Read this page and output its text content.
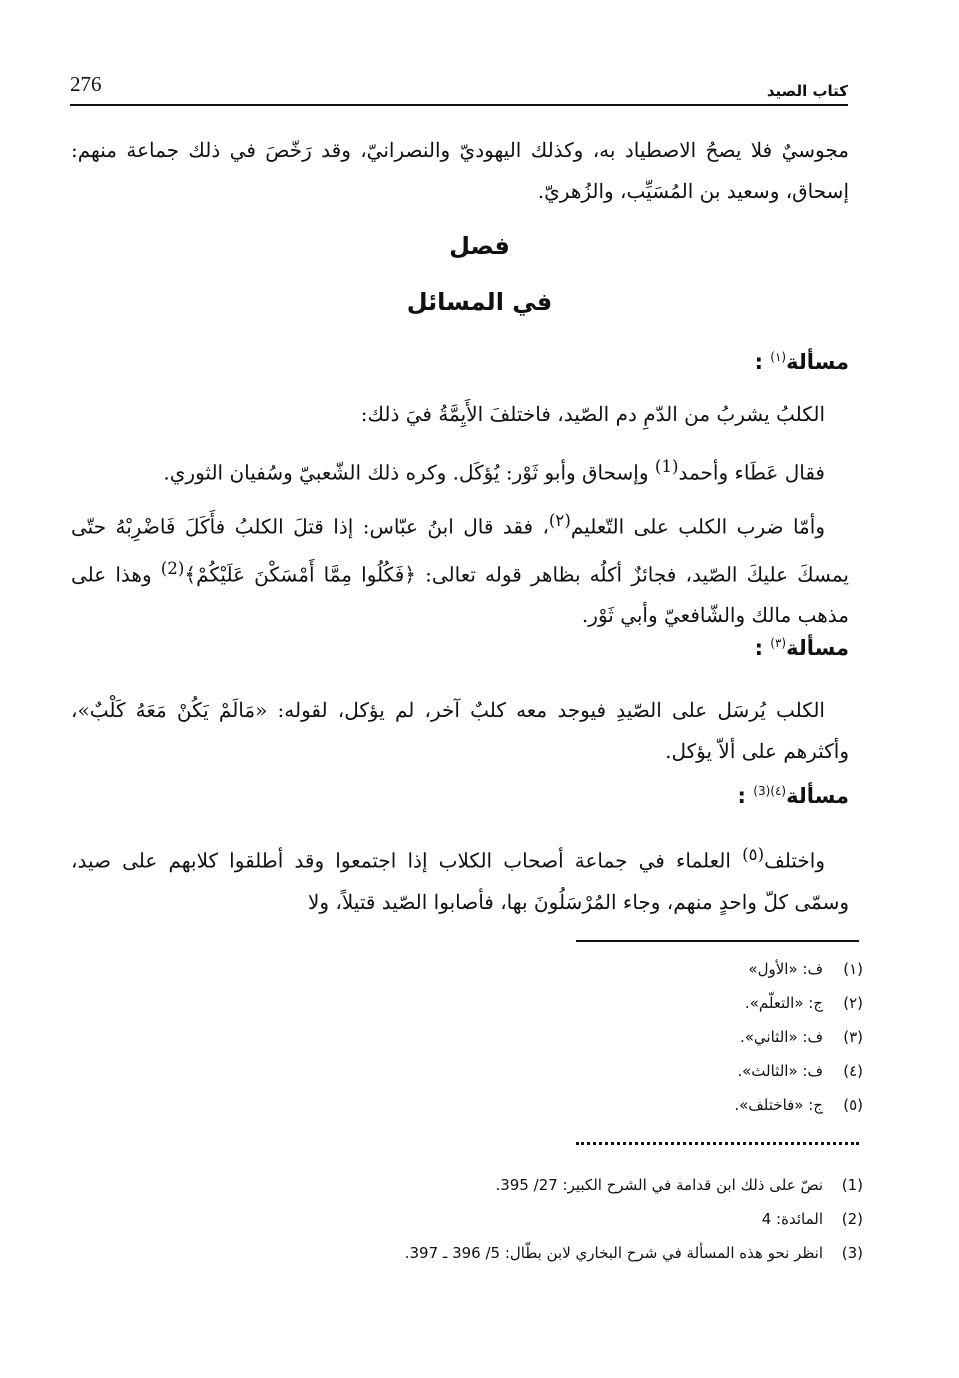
276	كتاب الصيد
مجوسيٌ فلا يصحُ الاصطياد به، وكذلك اليهوديّ والنصرانيّ، وقد رَخّصَ في ذلك جماعة منهم: إسحاق، وسعيد بن المُسَيِّب، والزُهريّ.
فصل
في المسائل
مسألة$^{(١)}$ :
الكلبُ يشربُ من الدّمِ دم الصّيد، فاختلفَ الأَيِمَّةُ فيَ ذلك:
فقال عَطَاء وأحمد$^{(1)}$ وإسحاق وأبو ثَوْر: يُؤكَل. وكره ذلك الشّعبيّ وسُفيان الثوري.
وأمّا ضرب الكلب على التّعليم$^{(٢)}$، فقد قال ابنُ عبّاس: إذا قتلَ الكلبُ فأَكَلَ فَاضْرِبْهُ حتّى يمسكَ عليكَ الصّيد، فجائزٌ أكلُه بظاهر قوله تعالى: ﴿فَكُلُوا مِمَّا أَمْسَكْنَ عَلَيْكُمْ﴾$^{(2)}$ وهذا على مذهب مالك والشّافعيّ وأبي ثَوْر.
مسألة$^{(٣)}$ :
الكلب يُرسَل على الصّيدِ فيوجد معه كلبٌ آخر، لم يؤكل، لقوله: «مَالَمْ يَكُنْ مَعَهُ كَلْبٌ»، وأكثرهم على ألاّ يؤكل.
مسألة$^{(٤)(3)}$ :
واختلف$^{(٥)}$ العلماء في جماعة أصحاب الكلاب إذا اجتمعوا وقد أطلقوا كلابهم على صيد، وسمّى كلّ واحدٍ منهم، وجاء المُرْسَلُونَ بها، فأصابوا الصّيد قتيلاً، ولا
(١)ف: «الأول»
(٢)ج: «التعلّم».
(٣)ف: «الثاني».
(٤)ف: «الثالث».
(٥)ج: «فاختلف».
(1)نصّ على ذلك ابن قدامة في الشرح الكبير: 27/ 395.
(2)المائدة: 4
(3)انظر نحو هذه المسألة في شرح البخاري لابن بطّال: 5/ 396 ـ 397.
